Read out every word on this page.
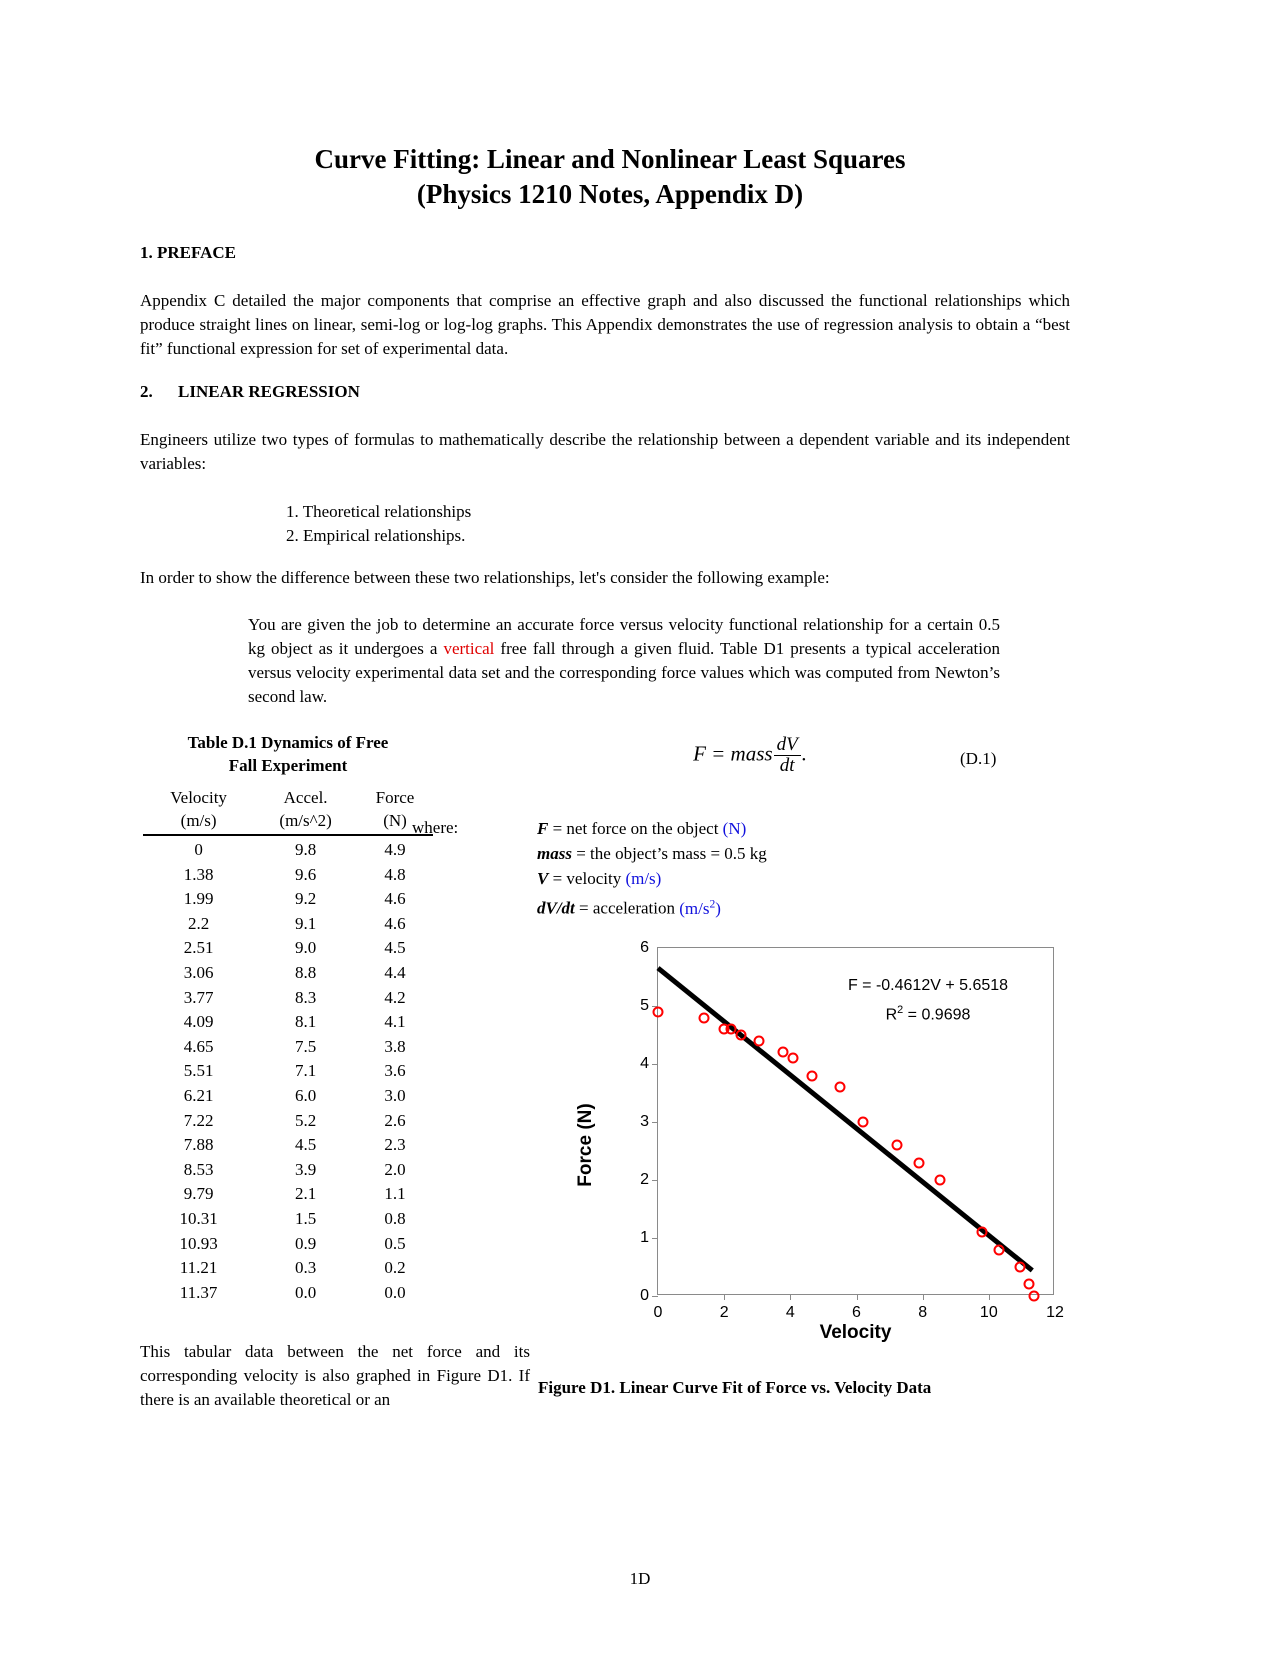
Curve Fitting: Linear and Nonlinear Least Squares
(Physics 1210 Notes, Appendix D)
1. PREFACE
Appendix C detailed the major components that comprise an effective graph and also discussed the functional relationships which produce straight lines on linear, semi-log or log-log graphs. This Appendix demonstrates the use of regression analysis to obtain a “best fit” functional expression for set of experimental data.
2. LINEAR REGRESSION
Engineers utilize two types of formulas to mathematically describe the relationship between a dependent variable and its independent variables:
1. Theoretical relationships
2. Empirical relationships.
In order to show the difference between these two relationships, let's consider the following example:
You are given the job to determine an accurate force versus velocity functional relationship for a certain 0.5 kg object as it undergoes a vertical free fall through a given fluid. Table D1 presents a typical acceleration versus velocity experimental data set and the corresponding force values which was computed from Newton’s second law.
Table D.1 Dynamics of Free
Fall Experiment
Velocity	Accel.	Force
(m/s)	(m/s^2)	(N)
0	9.8	4.9
1.38	9.6	4.8
1.99	9.2	4.6
2.2	9.1	4.6
2.51	9.0	4.5
3.06	8.8	4.4
3.77	8.3	4.2
4.09	8.1	4.1
4.65	7.5	3.8
5.51	7.1	3.6
6.21	6.0	3.0
7.22	5.2	2.6
7.88	4.5	2.3
8.53	3.9	2.0
9.79	2.1	1.1
10.31	1.5	0.8
10.93	0.9	0.5
11.21	0.3	0.2
11.37	0.0	0.0
F = mass $\frac{dV}{dt}$ .	(D.1)
where:	F = net force on the object (N)
mass = the object’s mass = 0.5 kg
V = velocity (m/s)
dV/dt = acceleration $(m/s^2)$
Force (N)
F = -0.4612V + 5.6518
$R^2 = 0.9698$
0
1
2
3
4
5
6
0	2	4	6	8	10	12
Velocity
This tabular data between the net force and its corresponding velocity is also graphed in Figure D1. If there is an available theoretical or an
Figure D1. Linear Curve Fit of Force vs. Velocity Data
1D
